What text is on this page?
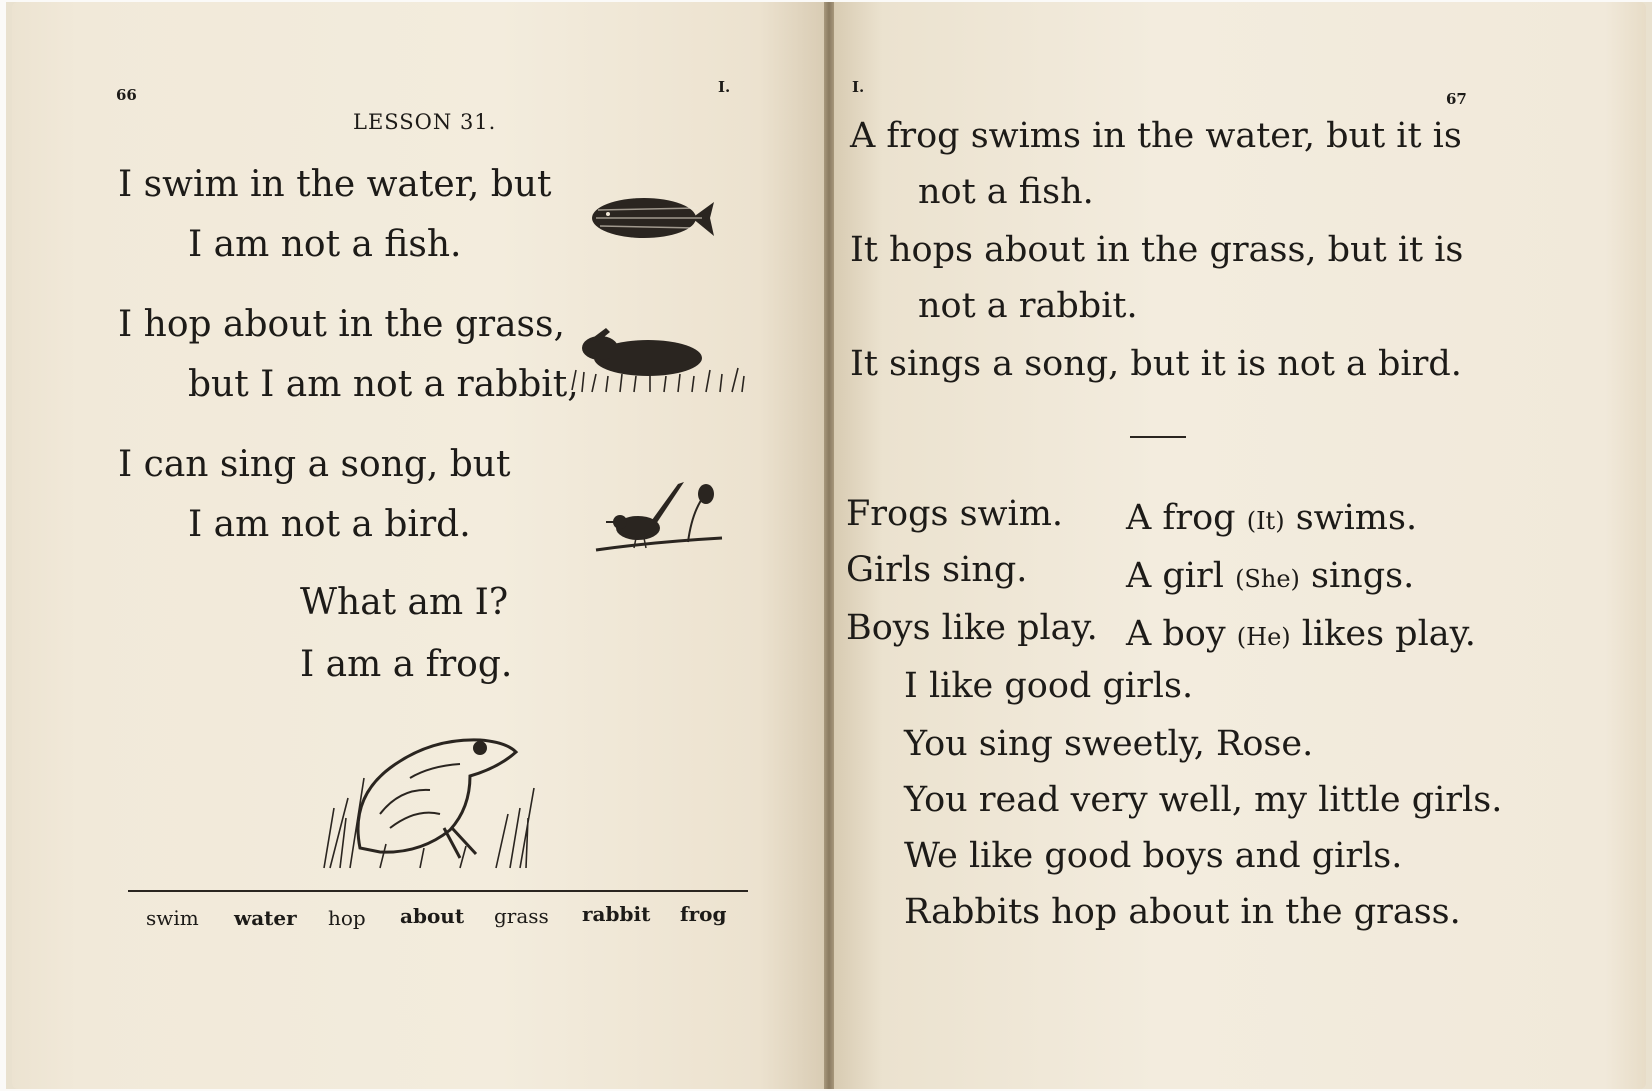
66	I.
LESSON 31.
I swim in the water, but
I am not a fish.
I hop about in the grass,
but I am not a rabbit,
I can sing a song, but
I am not a bird.
What am I?
I am a frog.
swim water hop about grass rabbit frog
I.
67
A frog swims in the water, but it is
not a fish.
It hops about in the grass, but it is
not a rabbit.
It sings a song, but it is not a bird.
Frogs swim. A frog (It) swims.
Girls sing.	A girl (She) sings.
Boys like play. A boy (He) likes play.
I like good girls.
You sing sweetly, Rose.
You read very well, my little girls.
We like good boys and girls.
Rabbits hop about in the grass.
